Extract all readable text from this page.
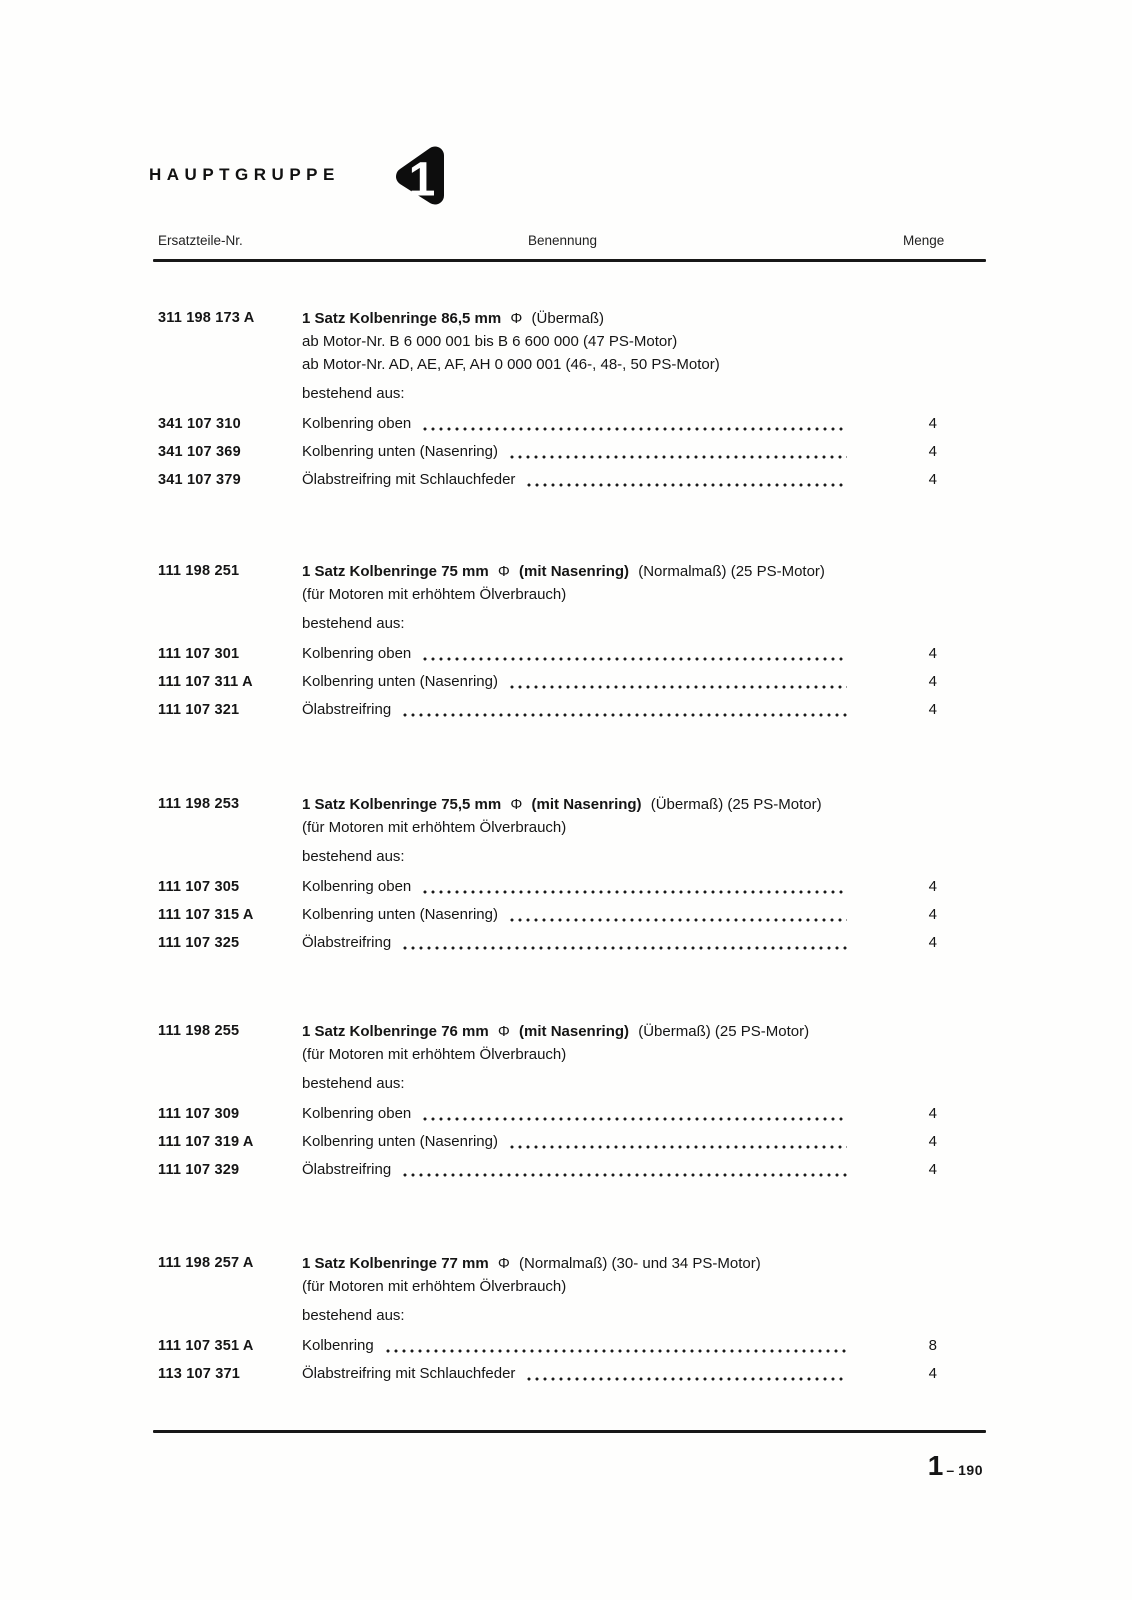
HAUPTGRUPPE 1
Ersatzteile-Nr.	Benennung	Menge
311 198 173 A	1 Satz Kolbenringe 86,5 mm Φ (Übermaß)
ab Motor-Nr. B 6 000 001 bis B 6 600 000 (47 PS-Motor)
ab Motor-Nr. AD, AE, AF, AH 0 000 001 (46-, 48-, 50 PS-Motor)
bestehend aus:
341 107 310	Kolbenring oben	4
341 107 369	Kolbenring unten (Nasenring)	4
341 107 379	Ölabstreifring mit Schlauchfeder	4
111 198 251	1 Satz Kolbenringe 75 mm Φ (mit Nasenring) (Normalmaß) (25 PS-Motor)
(für Motoren mit erhöhtem Ölverbrauch)
bestehend aus:
111 107 301	Kolbenring oben	4
111 107 311 A	Kolbenring unten (Nasenring)	4
111 107 321	Ölabstreifring	4
111 198 253	1 Satz Kolbenringe 75,5 mm Φ (mit Nasenring) (Übermaß) (25 PS-Motor)
(für Motoren mit erhöhtem Ölverbrauch)
bestehend aus:
111 107 305	Kolbenring oben	4
111 107 315 A	Kolbenring unten (Nasenring)	4
111 107 325	Ölabstreifring	4
111 198 255	1 Satz Kolbenringe 76 mm Φ (mit Nasenring) (Übermaß) (25 PS-Motor)
(für Motoren mit erhöhtem Ölverbrauch)
bestehend aus:
111 107 309	Kolbenring oben	4
111 107 319 A	Kolbenring unten (Nasenring)	4
111 107 329	Ölabstreifring	4
111 198 257 A	1 Satz Kolbenringe 77 mm Φ (Normalmaß) (30- und 34 PS-Motor)
(für Motoren mit erhöhtem Ölverbrauch)
bestehend aus:
111 107 351 A	Kolbenring	8
113 107 371	Ölabstreifring mit Schlauchfeder	4
1 – 190
